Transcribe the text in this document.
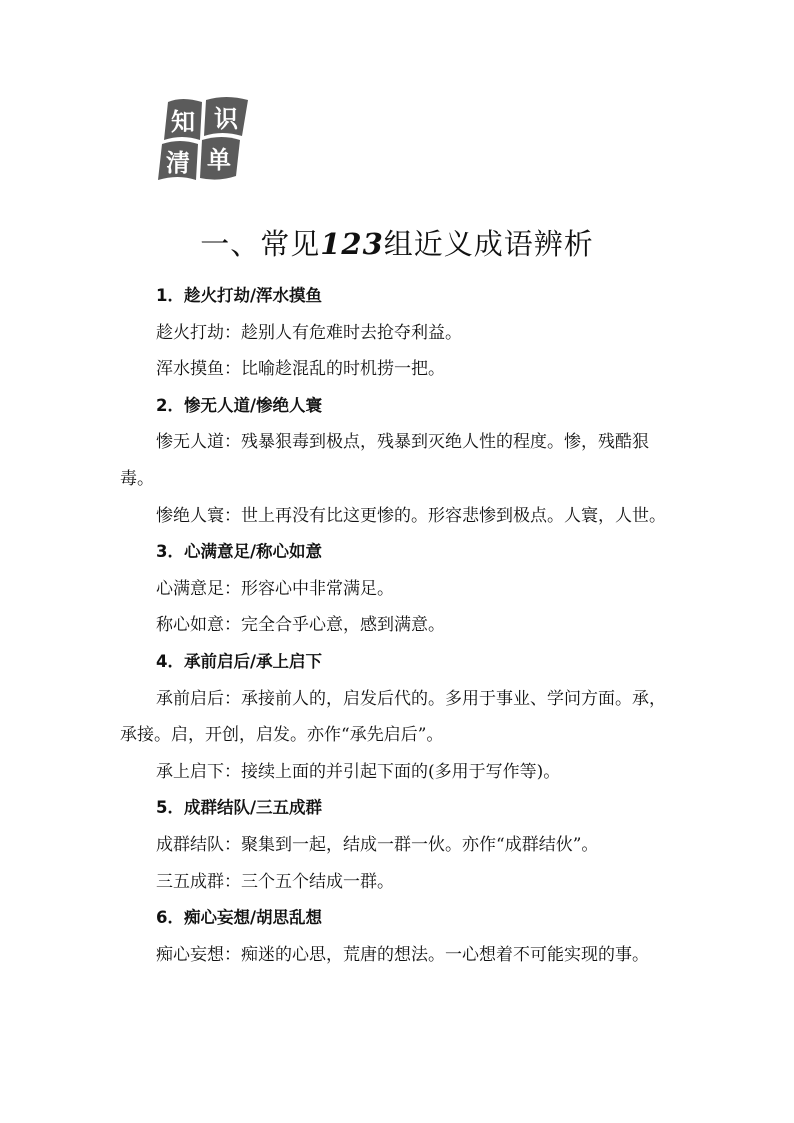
知 识
清 单
一、常见123组近义成语辨析

1．趁火打劫/浑水摸鱼

趁火打劫：趁别人有危难时去抢夺利益。

浑水摸鱼：比喻趁混乱的时机捞一把。

2．惨无人道/惨绝人寰

惨无人道：残暴狠毒到极点，残暴到灭绝人性的程度。惨，残酷狠毒。

惨绝人寰：世上再没有比这更惨的。形容悲惨到极点。人寰，人世。

3．心满意足/称心如意

心满意足：形容心中非常满足。

称心如意：完全合乎心意，感到满意。

4．承前启后/承上启下

承前启后：承接前人的，启发后代的。多用于事业、学问方面。承，承接。启，开创，启发。亦作“承先启后”。

承上启下：接续上面的并引起下面的(多用于写作等)。

5．成群结队/三五成群

成群结队：聚集到一起，结成一群一伙。亦作“成群结伙”。

三五成群：三个五个结成一群。

6．痴心妄想/胡思乱想

痴心妄想：痴迷的心思，荒唐的想法。一心想着不可能实现的事。
